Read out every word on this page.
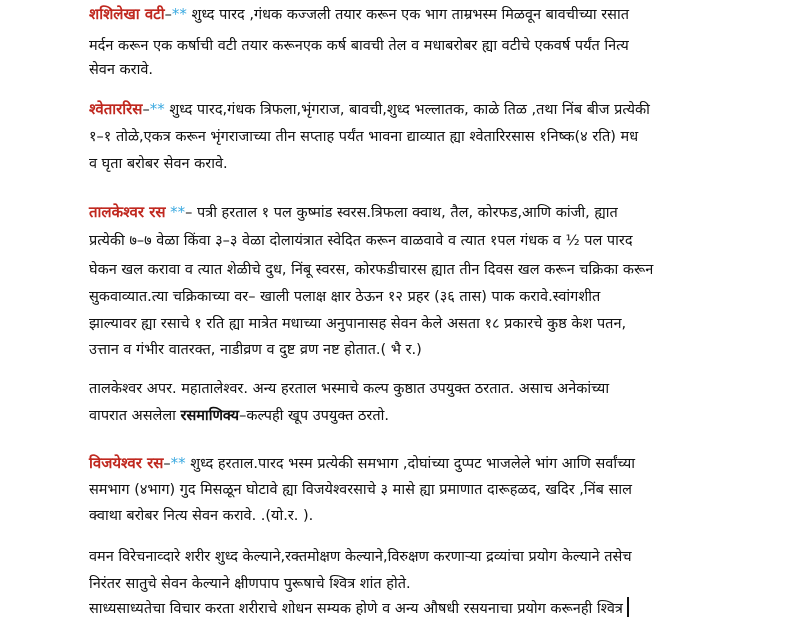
शशिलेखा वटी–** शुध्द पारद ,गंधक कज्जली तयार करून एक भाग ताम्रभस्म मिळवून बावचीच्या रसात
मर्दन करून एक कर्षाची वटी तयार करूनएक कर्ष बावची तेल व मधाबरोबर ह्या वटीचे एकवर्ष पर्यंत नित्य
सेवन करावे.
श्वेताररिस–** शुध्द पारद,गंधक त्रिफला,भृंगराज, बावची,शुध्द भल्लातक, काळे तिळ ,तथा निंब बीज प्रत्येकी
१–१ तोळे,एकत्र करून भृंगराजाच्या तीन सप्ताह पर्यंत भावना द्याव्यात ह्या श्वेतारिरसास १निष्क(४ रति) मध
व घृता बरोबर सेवन करावे.
तालकेश्वर रस **– पत्री हरताल १ पल कुष्मांड स्वरस.त्रिफला क्वाथ, तैल, कोरफड,आणि कांजी, ह्यात
प्रत्येकी ७–७ वेळा किंवा ३–३ वेळा दोलायंत्रात स्वेदित करून वाळवावे व त्यात १पल गंधक व ½ पल पारद
घेकन खल करावा व त्यात शेळीचे दुध, निंबू स्वरस, कोरफडीचारस ह्यात तीन दिवस खल करून चक्रिका करून
सुकवाव्यात.त्या चक्रिकाच्या वर– खाली पलाक्ष क्षार ठेऊन १२ प्रहर (३६ तास) पाक करावे.स्वांगशीत
झाल्यावर ह्या रसाचे १ रति ह्या मात्रेत मधाच्या अनुपानासह सेवन केले असता १८ प्रकारचे कुष्ठ केश पतन,
उत्तान व गंभीर वातरक्त, नाडीव्रण व दुष्ट व्रण नष्ट होतात.( भै र.)
तालकेश्वर अपर. महातालेश्वर. अन्य हरताल भस्माचे कल्प कुष्ठात उपयुक्त ठरतात. असाच अनेकांच्या
वापरात असलेला रसमाणिक्य–कल्पही खूप उपयुक्त ठरतो.
विजयेश्वर रस–** शुध्द हरताल.पारद भस्म प्रत्येकी समभाग ,दोघांच्या दुप्पट भाजलेले भांग आणि सर्वांच्या
समभाग (४भाग) गुद मिसळून घोटावे ह्या विजयेश्वरसाचे ३ मासे ह्या प्रमाणात दारूहळद, खदिर ,निंब साल
क्वाथा बरोबर नित्य सेवन करावे. .(यो.र. ).
वमन विरेचनाव्दारे शरीर शुध्द केल्याने,रक्तमोक्षण केल्याने,विरुक्षण करणाऱ्या द्रव्यांचा प्रयोग केल्याने तसेच
निरंतर सातुचे सेवन केल्याने क्षीणपाप पुरूषाचे श्वित्र शांत होते.
साध्यसाध्यतेचा विचार करता शरीराचे शोधन सम्यक होणे व अन्य औषधी रसयनाचा प्रयोग करूनही श्वित्र
